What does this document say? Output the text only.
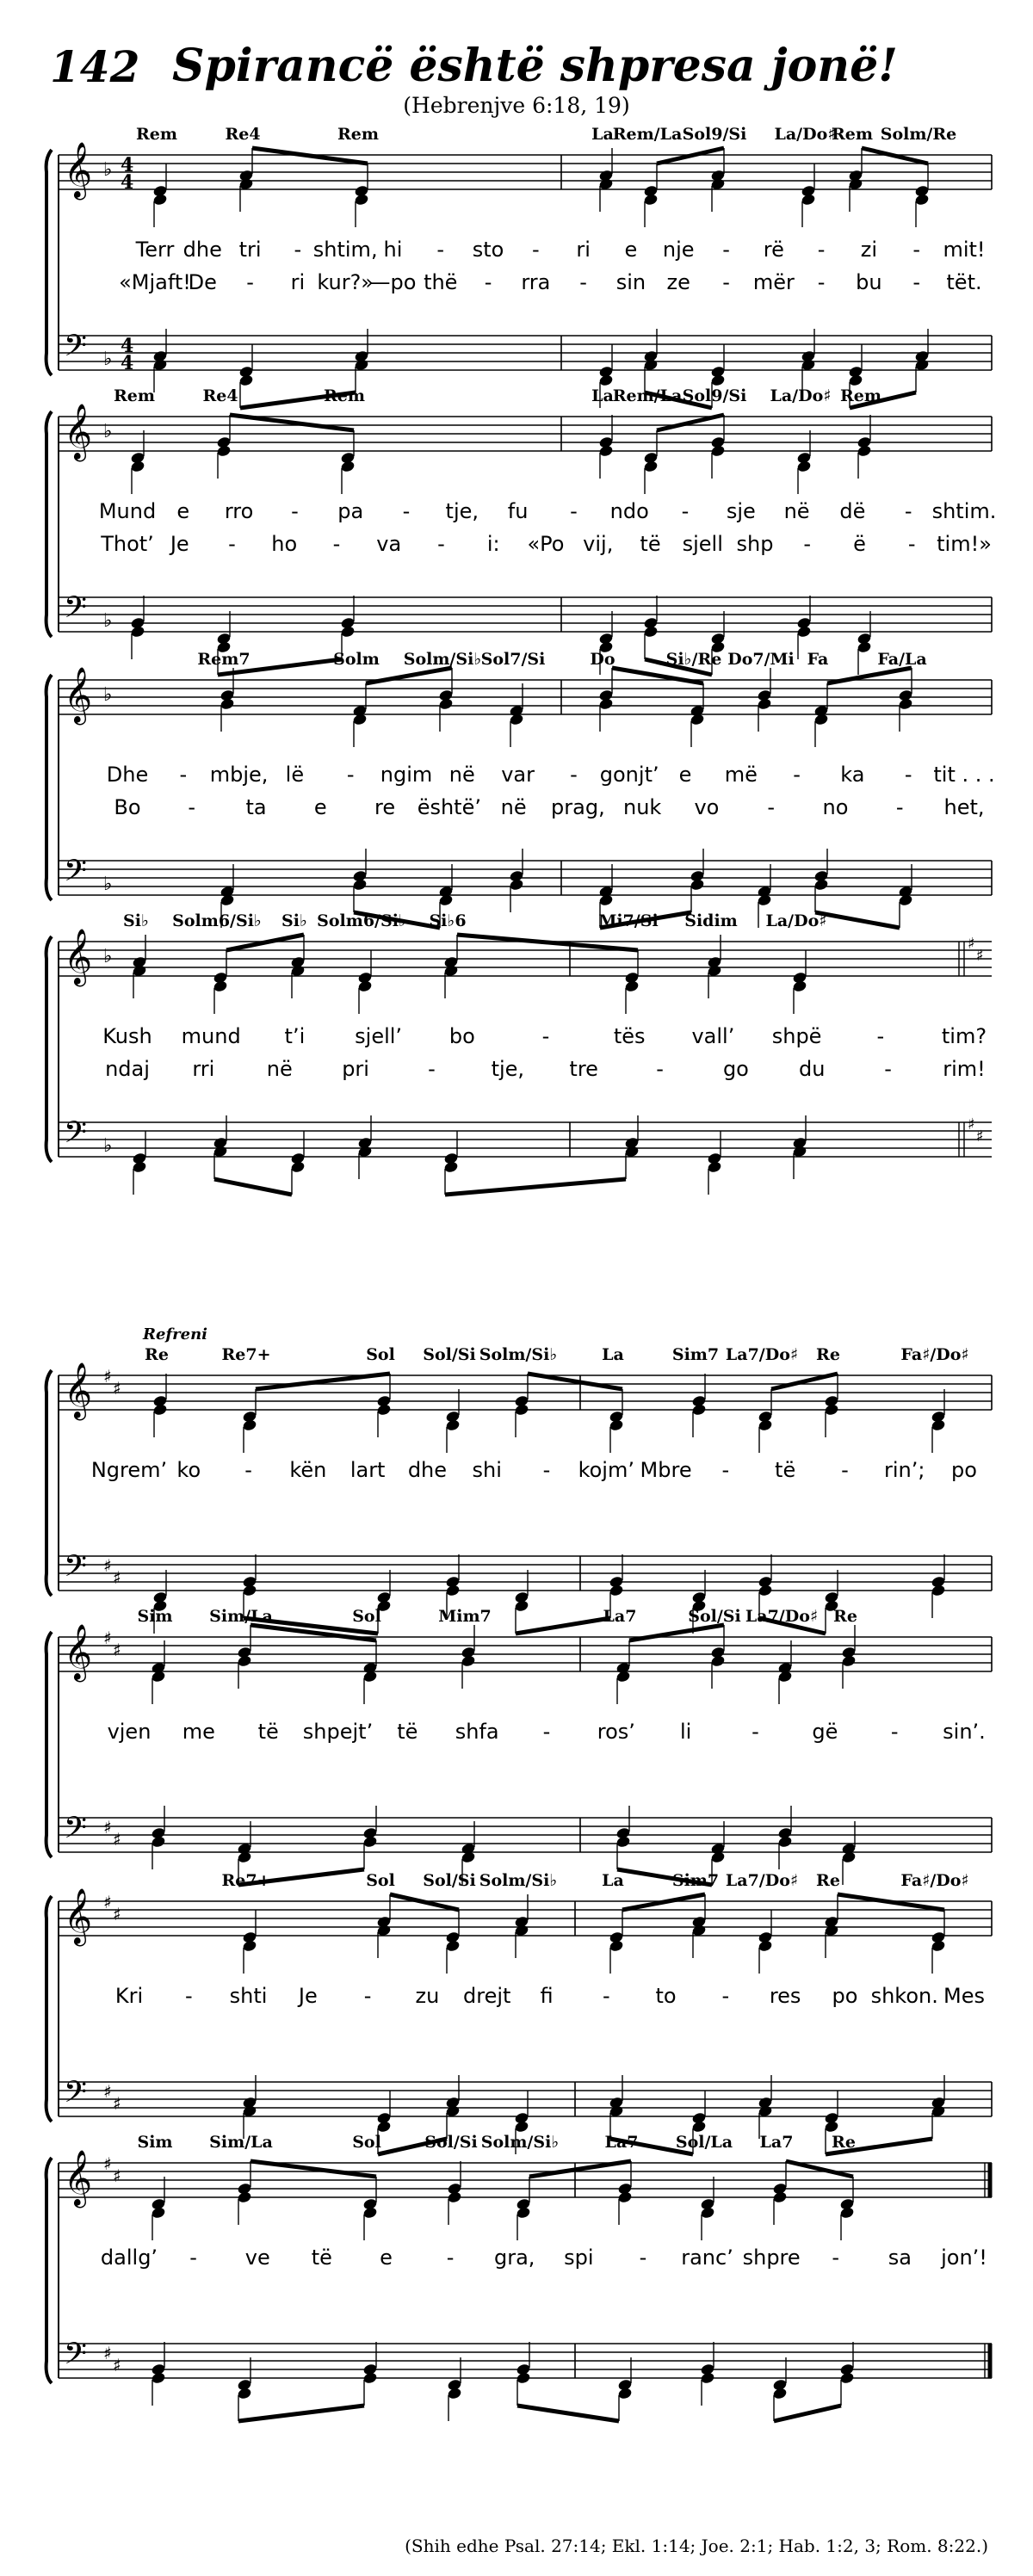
142 Spirancë është shpresa jonë!
(Hebrenjve 6:18, 19)
𝄞
𝄢
♭
♭
4
4
4
4
Rem	Re4	Rem	La
Rem/La Sol9/Si La/Do♯
Rem Solm/Re
Terr dhe tri - shtim, hi - sto - ri e nje - rë - zi - mit!
«Mjaft!
De - ri kur?»
—po thë - rra - sin ze - mër - bu - tët.
𝄞
𝄢
♭
♭
Rem	Re4	Rem	La
Rem/La Sol9/Si La/Do♯ Rem
Mund e rro - pa - tje, fu - ndo - sje në dë - shtim.
Thot’ Je - ho - va - i: «Po vij, të sjell shp - ë - tim!»
𝄞
𝄢
♭
♭
Rem7	Solm Solm/Si♭ Sol7/Si	Do	Si♭/Re Do7/Mi Fa	Fa/La
Dhe - mbje, lë - ngim në var - gonjt’ e më - ka - tit . . .
Bo - ta e re është’ në prag, nuk vo - no - het,
𝄞
𝄢
♭
♭
♯
♯
♯
♯
Si♭ Solm6/Si♭ Si♭ Solm6/Si♭ Si♭6	Mi7/Si Sidim La/Do♯
Kush mund t’i sjell’ bo	-	tës vall’ shpë	-	tim?
ndaj rri	në pri	-	tje, tre	-	go du	- rim!
𝄞
𝄢
♯
♯
♯
♯
Refreni
Re	Re7+	Sol Sol/Si Solm/Si♭	La	Sim7 La7/Do♯ Re	Fa♯/Do♯
Ngrem’ ko - kën lart dhe shi - kojm’ Mbre - të - rin’; po
𝄞
𝄢
♯
♯
♯
♯
Sim Sim/La	Sol	Mim7	La7	Sol/Si La7/Do♯ Re
vjen me të shpejt’ të shfa - ros’ li	-	gë	- sin’.
𝄞
𝄢
♯
♯
♯
♯
Re7+	Sol Sol/Si Solm/Si♭	La	Sim7 La7/Do♯ Re	Fa♯/Do♯
Kri - shti Je - zu drejt fi - to - res po shkon. Mes
𝄞
𝄢
♯
♯
♯
♯
Sim Sim/La	Sol	Sol/Si Solm/Si♭	La7 Sol/La La7 Re
dallg’ - ve të e	- gra, spi - ranc’ shpre - sa jon’!
(Shih edhe Psal. 27:14; Ekl. 1:14; Joe. 2:1; Hab. 1:2, 3; Rom. 8:22.)
